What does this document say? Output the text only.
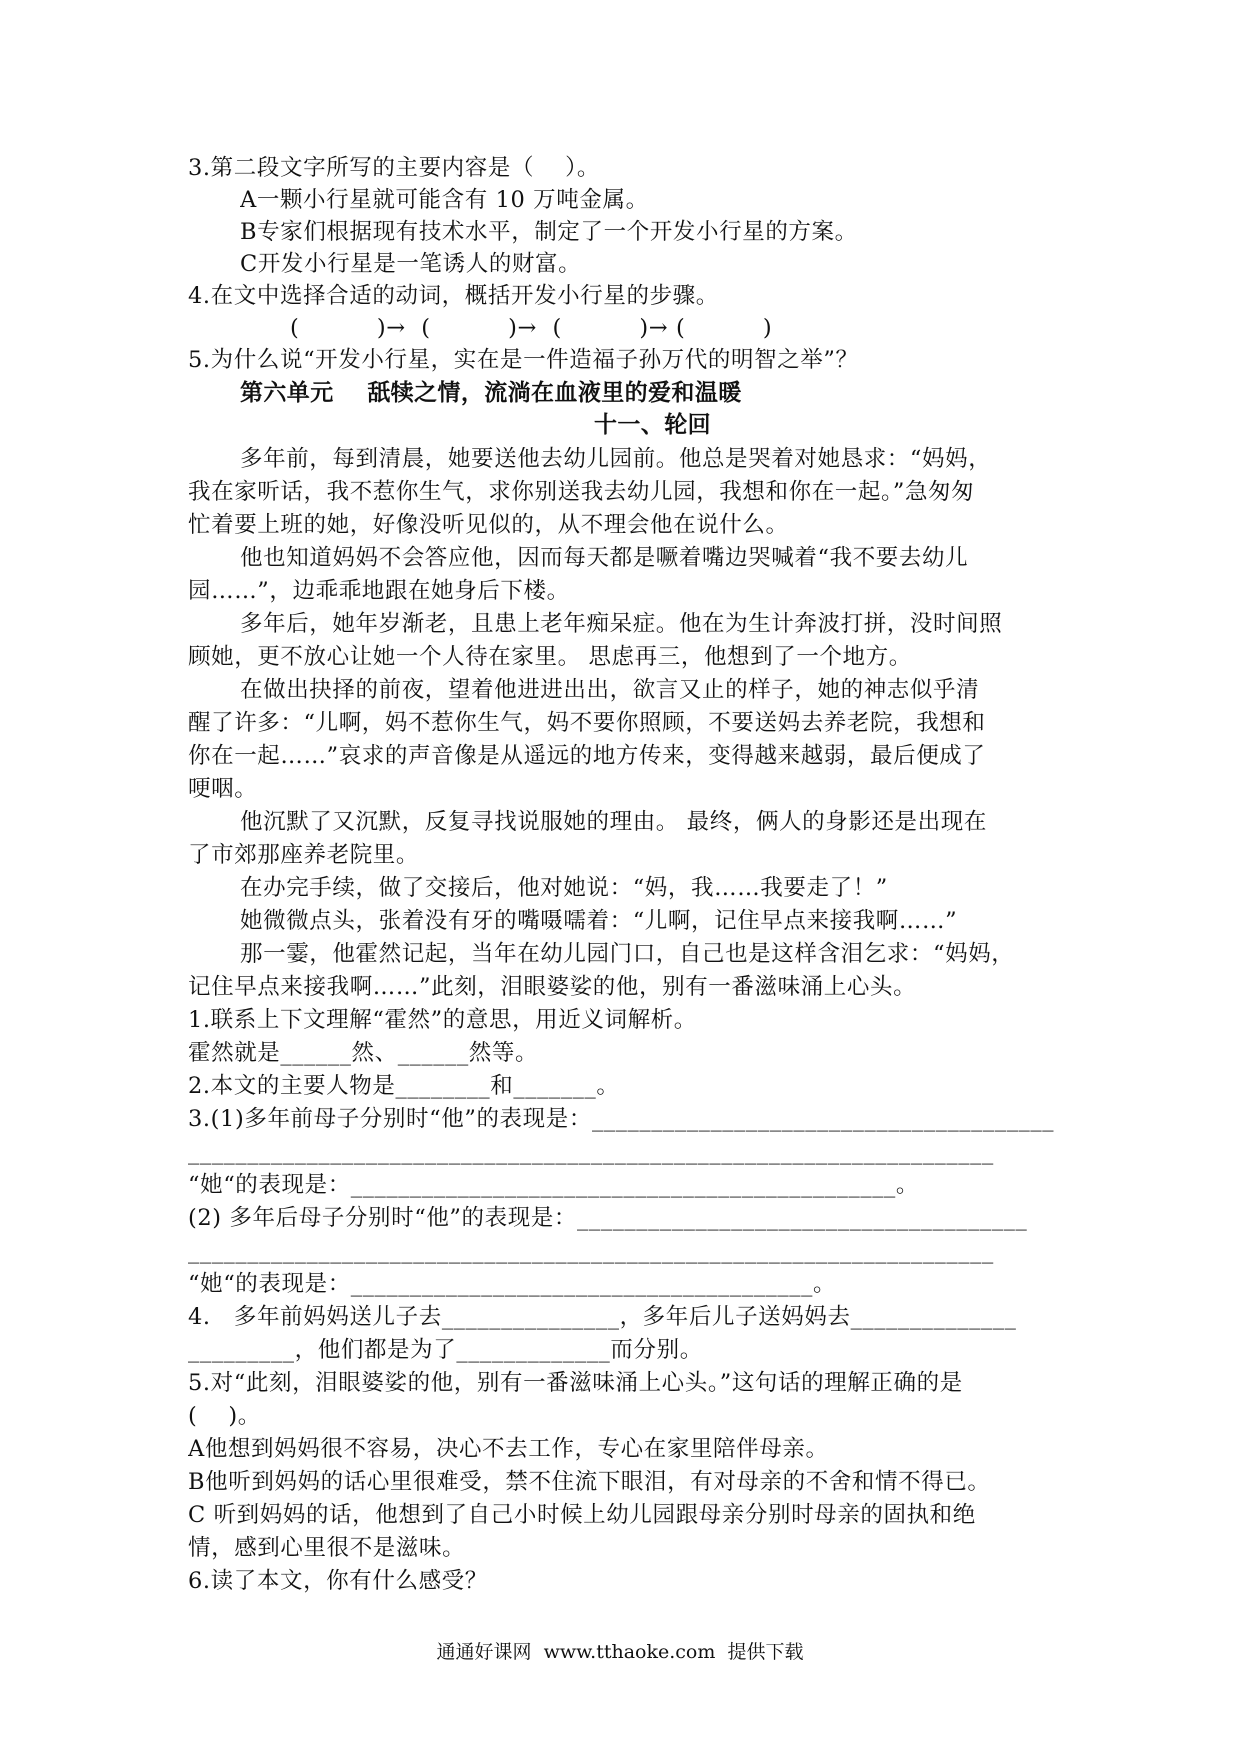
3.第二段文字所写的主要内容是（    ）。
A一颗小行星就可能含有 10 万吨金属。
B专家们根据现有技术水平，制定了一个开发小行星的方案。
C开发小行星是一笔诱人的财富。
4.在文中选择合适的动词，概括开发小行星的步骤。
(          )→  (          )→  (          )→ (          )
5.为什么说“开发小行星，实在是一件造福子孙万代的明智之举”？
第六单元    舐犊之情，流淌在血液里的爱和温暖
十一、轮回
多年前，每到清晨，她要送他去幼儿园前。他总是哭着对她恳求：“妈妈，
我在家听话，我不惹你生气，求你别送我去幼儿园，我想和你在一起。”急匆匆
忙着要上班的她，好像没听见似的，从不理会他在说什么。
他也知道妈妈不会答应他，因而每天都是噘着嘴边哭喊着“我不要去幼儿
园……”，边乖乖地跟在她身后下楼。
多年后，她年岁渐老，且患上老年痴呆症。他在为生计奔波打拼，没时间照
顾她，更不放心让她一个人待在家里。 思虑再三，他想到了一个地方。
在做出抉择的前夜，望着他进进出出，欲言又止的样子，她的神志似乎清
醒了许多：“儿啊，妈不惹你生气，妈不要你照顾，不要送妈去养老院，我想和
你在一起……”哀求的声音像是从遥远的地方传来，变得越来越弱，最后便成了
哽咽。
他沉默了又沉默，反复寻找说服她的理由。 最终，俩人的身影还是出现在
了市郊那座养老院里。
在办完手续，做了交接后，他对她说：“妈，我……我要走了！”
她微微点头，张着没有牙的嘴嗫嚅着：“儿啊，记住早点来接我啊……”
那一霎，他霍然记起，当年在幼儿园门口，自己也是这样含泪乞求：“妈妈，
记住早点来接我啊……”此刻，泪眼婆娑的他，别有一番滋味涌上心头。
1.联系上下文理解“霍然”的意思，用近义词解析。
霍然就是______然、______然等。
2.本文的主要人物是________和_______。
3.(1)多年前母子分别时“他”的表现是：_______________________________________
____________________________________________________________________
“她“的表现是：______________________________________________。
(2) 多年后母子分别时“他”的表现是：______________________________________
____________________________________________________________________
“她“的表现是：_______________________________________。
4.   多年前妈妈送儿子去_______________，多年后儿子送妈妈去______________
_________，他们都是为了_____________而分别。
5.对“此刻，泪眼婆娑的他，别有一番滋味涌上心头。”这句话的理解正确的是
(    )。
A他想到妈妈很不容易，决心不去工作，专心在家里陪伴母亲。
B他听到妈妈的话心里很难受，禁不住流下眼泪，有对母亲的不舍和情不得已。
C 听到妈妈的话，他想到了自己小时候上幼儿园跟母亲分别时母亲的固执和绝
情，感到心里很不是滋味。
6.读了本文，你有什么感受？
通通好课网  www.tthaoke.com  提供下载
